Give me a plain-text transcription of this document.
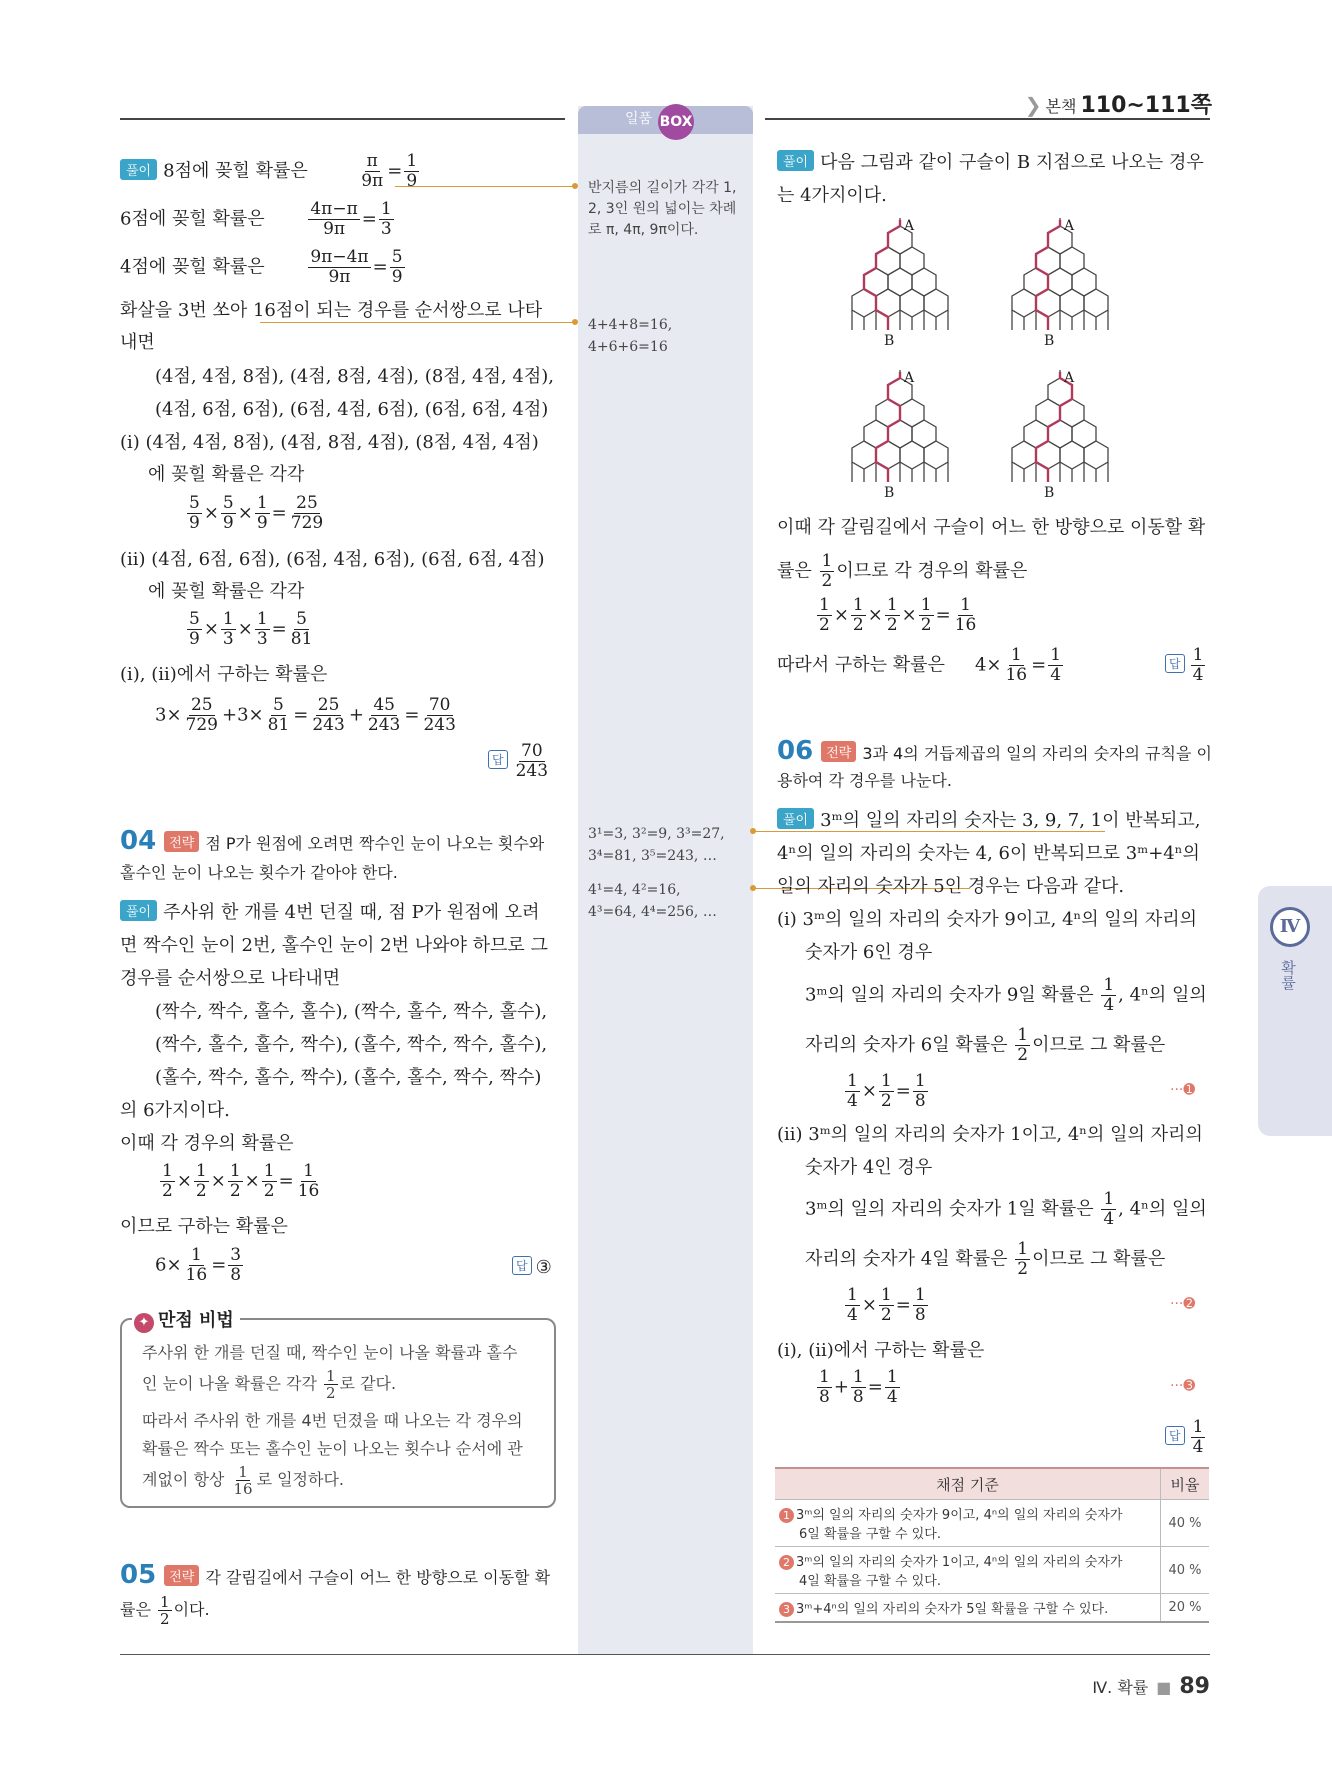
❯ 본책 110~111쪽
일품 BOX
반지름의 길이가 각각 1,
2, 3인 원의 넓이는 차례
로 π, 4π, 9π이다.
4+4+8=16,
4+6+6=16
3¹=3, 3²=9, 3³=27,
3⁴=81, 3⁵=243, …
4¹=4, 4²=16,
4³=64, 4⁴=256, …
풀이 8점에 꽂힐 확률은	$\frac{\pi}{9\pi} = \frac{1}{9}$
6점에 꽂힐 확률은	$\frac{4\pi-\pi}{9\pi} = \frac{1}{3}$
4점에 꽂힐 확률은	$\frac{9\pi-4\pi}{9\pi} = \frac{5}{9}$
화살을 3번 쏘아 16점이 되는 경우를 순서쌍으로 나타
내면
(4점, 4점, 8점), (4점, 8점, 4점), (8점, 4점, 4점),
(4점, 6점, 6점), (6점, 4점, 6점), (6점, 6점, 4점)
(ⅰ) (4점, 4점, 8점), (4점, 8점, 4점), (8점, 4점, 4점)
에 꽂힐 확률은 각각
$\frac{5}{9} \times \frac{5}{9} \times \frac{1}{9} = \frac{25}{729}$
(ⅱ) (4점, 6점, 6점), (6점, 4점, 6점), (6점, 6점, 4점)
에 꽂힐 확률은 각각
$\frac{5}{9} \times \frac{1}{3} \times \frac{1}{3} = \frac{5}{81}$
(ⅰ), (ⅱ)에서 구하는 확률은
$3\times \frac{25}{729} +3\times \frac{5}{81} = \frac{25}{243} + \frac{45}{243} = \frac{70}{243}$
답 $\frac{70}{243}$
04 전략 점 P가 원점에 오려면 짝수인 눈이 나오는 횟수와
홀수인 눈이 나오는 횟수가 같아야 한다.
풀이 주사위 한 개를 4번 던질 때, 점 P가 원점에 오려
면 짝수인 눈이 2번, 홀수인 눈이 2번 나와야 하므로 그
경우를 순서쌍으로 나타내면
(짝수, 짝수, 홀수, 홀수), (짝수, 홀수, 짝수, 홀수),
(짝수, 홀수, 홀수, 짝수), (홀수, 짝수, 짝수, 홀수),
(홀수, 짝수, 홀수, 짝수), (홀수, 홀수, 짝수, 짝수)
의 6가지이다.
이때 각 경우의 확률은
$\frac{1}{2} \times \frac{1}{2} \times \frac{1}{2} \times \frac{1}{2} = \frac{1}{16}$
이므로 구하는 확률은
$6\times \frac{1}{16} = \frac{3}{8}$	답 ③
✦ 만점 비법
주사위 한 개를 던질 때, 짝수인 눈이 나올 확률과 홀수
인 눈이 나올 확률은 각각 $\frac{1}{2}$ 로 같다.
따라서 주사위 한 개를 4번 던졌을 때 나오는 각 경우의
확률은 짝수 또는 홀수인 눈이 나오는 횟수나 순서에 관
계없이 항상 $\frac{1}{16}$ 로 일정하다.
05 전략 각 갈림길에서 구슬이 어느 한 방향으로 이동할 확
률은 $\frac{1}{2}$ 이다.
풀이 다음 그림과 같이 구슬이 B 지점으로 나오는 경우
는 4가지이다.
A
B
A
B
A
B
A
B
이때 각 갈림길에서 구슬이 어느 한 방향으로 이동할 확
률은 $\frac{1}{2}$ 이므로 각 경우의 확률은
$\frac{1}{2} \times \frac{1}{2} \times \frac{1}{2} \times \frac{1}{2} = \frac{1}{16}$
따라서 구하는 확률은 $4\times \frac{1}{16} = \frac{1}{4}$	답 $\frac{1}{4}$
06 전략 3과 4의 거듭제곱의 일의 자리의 숫자의 규칙을 이
용하여 각 경우를 나눈다.
풀이 3ᵐ의 일의 자리의 숫자는 3, 9, 7, 1이 반복되고,
4ⁿ의 일의 자리의 숫자는 4, 6이 반복되므로 3ᵐ+4ⁿ의
일의 자리의 숫자가 5인 경우는 다음과 같다.
(ⅰ) 3ᵐ의 일의 자리의 숫자가 9이고, 4ⁿ의 일의 자리의
숫자가 6인 경우
3ᵐ의 일의 자리의 숫자가 9일 확률은 $\frac{1}{4}$ , 4ⁿ의 일의
자리의 숫자가 6일 확률은 $\frac{1}{2}$ 이므로 그 확률은
$\frac{1}{4} \times \frac{1}{2} = \frac{1}{8}$	···➊
(ⅱ) 3ᵐ의 일의 자리의 숫자가 1이고, 4ⁿ의 일의 자리의
숫자가 4인 경우
3ᵐ의 일의 자리의 숫자가 1일 확률은 $\frac{1}{4}$ , 4ⁿ의 일의
자리의 숫자가 4일 확률은 $\frac{1}{2}$ 이므로 그 확률은
$\frac{1}{4} \times \frac{1}{2} = \frac{1}{8}$	···➋
(ⅰ), (ⅱ)에서 구하는 확률은
$\frac{1}{8} + \frac{1}{8} = \frac{1}{4}$	···➌
답 $\frac{1}{4}$
채점 기준	비율
1 3ᵐ의 일의 자리의 숫자가 9이고, 4ⁿ의 일의 자리의 숫자가
6일 확률을 구할 수 있다.	40 %
2 3ᵐ의 일의 자리의 숫자가 1이고, 4ⁿ의 일의 자리의 숫자가
4일 확률을 구할 수 있다.	40 %
3 3ᵐ+4ⁿ의 일의 자리의 숫자가 5일 확률을 구할 수 있다.	20 %
Ⅳ
확률
Ⅳ. 확률 ■ 89
